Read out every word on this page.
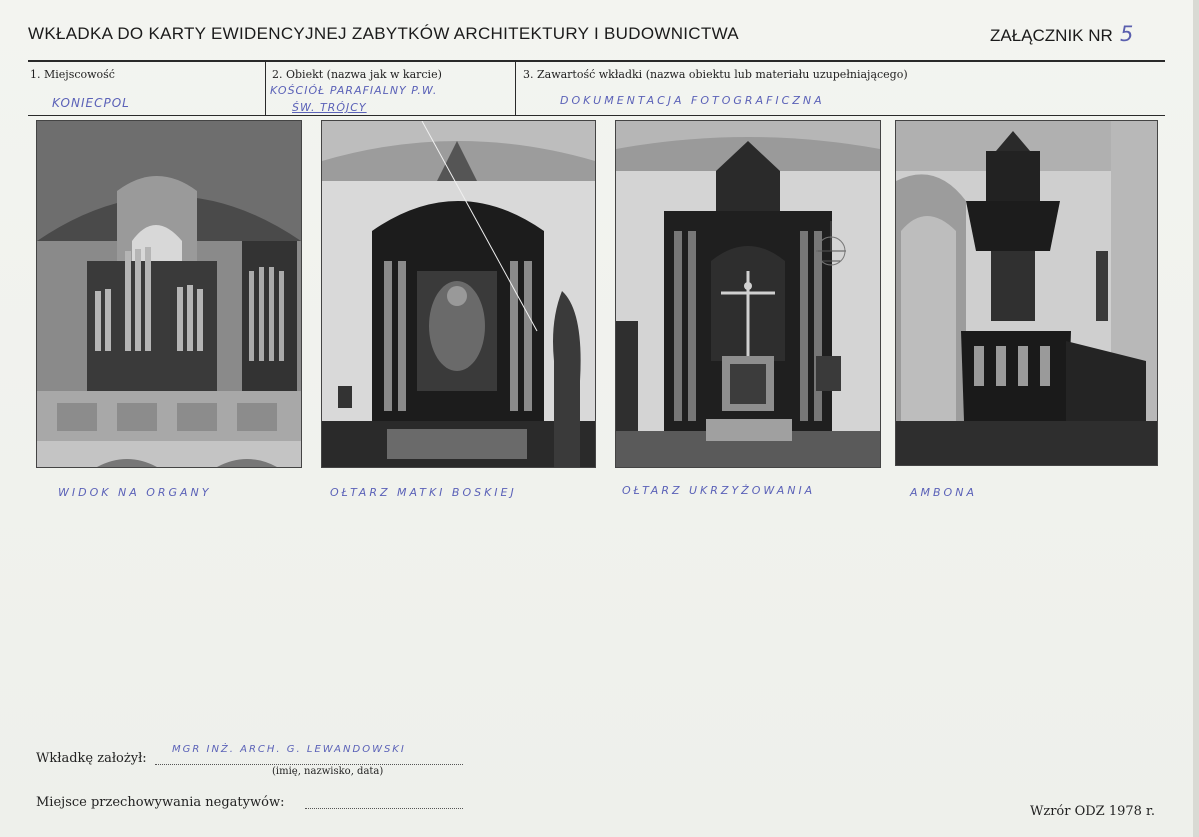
WKŁADKA DO KARTY EWIDENCYJNEJ ZABYTKÓW ARCHITEKTURY I BUDOWNICTWA	ZAŁĄCZNIK NR 5
1. Miejscowość
KONIECPOL
2. Obiekt (nazwa jak w karcie)
KOŚCIÓŁ PARAFIALNY P.W.
ŚW. TRÓJCY
3. Zawartość wkładki (nazwa obiektu lub materiału uzupełniającego)
DOKUMENTACJA FOTOGRAFICZNA
WIDOK NA ORGANY	OŁTARZ MATKI BOSKIEJ	OŁTARZ UKRZYŻOWANIA	AMBONA
Wkładkę założył:
MGR INŻ. ARCH. G. LEWANDOWSKI
(imię, nazwisko, data)
Miejsce przechowywania negatywów:
Wzrór ODZ 1978 r.
